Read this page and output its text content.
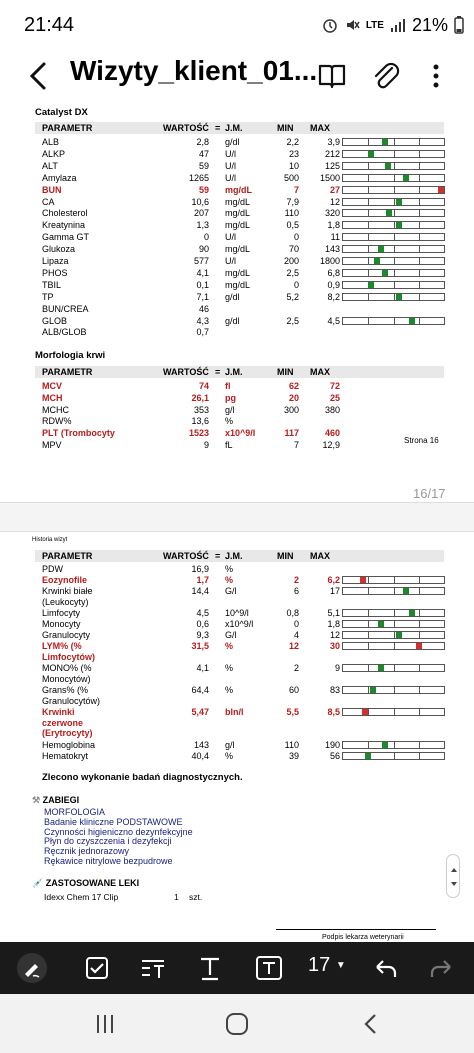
21:44	LTE 21%
Wizyty_klient_01...
Catalyst DX
PARAMETR	WARTOŚĆ = J.M.	MIN MAX
ALB	2,8 g/dl	2,2	3,9
ALKP	47 U/l	23	212
ALT	59 U/l	10	125
Amylaza	1265 U/l	500	1500
BUN	59 mg/dL	7	27
CA	10,6 mg/dL	7,9	12
Cholesterol	207 mg/dL	110	320
Kreatynina	1,3 mg/dL	0,5	1,8
Gamma GT	0 U/l	0	11
Glukoza	90 mg/dL	70	143
Lipaza	577 U/l	200	1800
PHOS	4,1 mg/dL	2,5	6,8
TBIL	0,1 mg/dL	0	0,9
TP	7,1 g/dl	5,2	8,2
BUN/CREA	46
GLOB	4,3 g/dl	2,5	4,5
ALB/GLOB	0,7
Morfologia krwi
PARAMETR	WARTOŚĆ = J.M.	MIN MAX
MCV	74 fl	62	72
MCH	26,1 pg	20	25
MCHC	353 g/l	300	380
RDW%	13,6 %
PLT (Trombocyty	1523 x10^9/l	117	460
MPV	9 fL	7	12,9	Strona 16
16/17
Historia wizyt
PARAMETR	WARTOŚĆ = J.M.	MIN MAX
PDW	16,9 %
Eozynofile	1,7 %	2	6,2
Krwinki białe
(Leukocyty)
14,4 G/l	6	17
Limfocyty	4,5 10^9/l	0,8	5,1
Monocyty	0,6 x10^9/l	0	1,8
Granulocyty	9,3 G/l	4	12
LYM% (%
Limfocytów)
31,5 %	12	30
MONO% (%
Monocytów)
4,1 %	2	9
Grans% (%
Granulocytów)
64,4 %	60	83
Krwinki
czerwone
(Erytrocyty)
5,47 bln/l	5,5	8,5
Hemoglobina	143 g/l	110	190
Hematokryt	40,4 %	39	56
Zlecono wykonanie badań diagnostycznych.
⚒ ZABIEGI
MORFOLOGIA
Badanie kliniczne PODSTAWOWE
Czynności higieniczno dezynfekcyjne
Płyn do czyszczenia i dezyfekcji
Ręcznik jednorazowy
Rękawice nitrylowe bezpudrowe
💉 ZASTOSOWANE LEKI
Idexx Chem 17 Clip	1 szt.
Podpis lekarza weterynarii
17 ▼
